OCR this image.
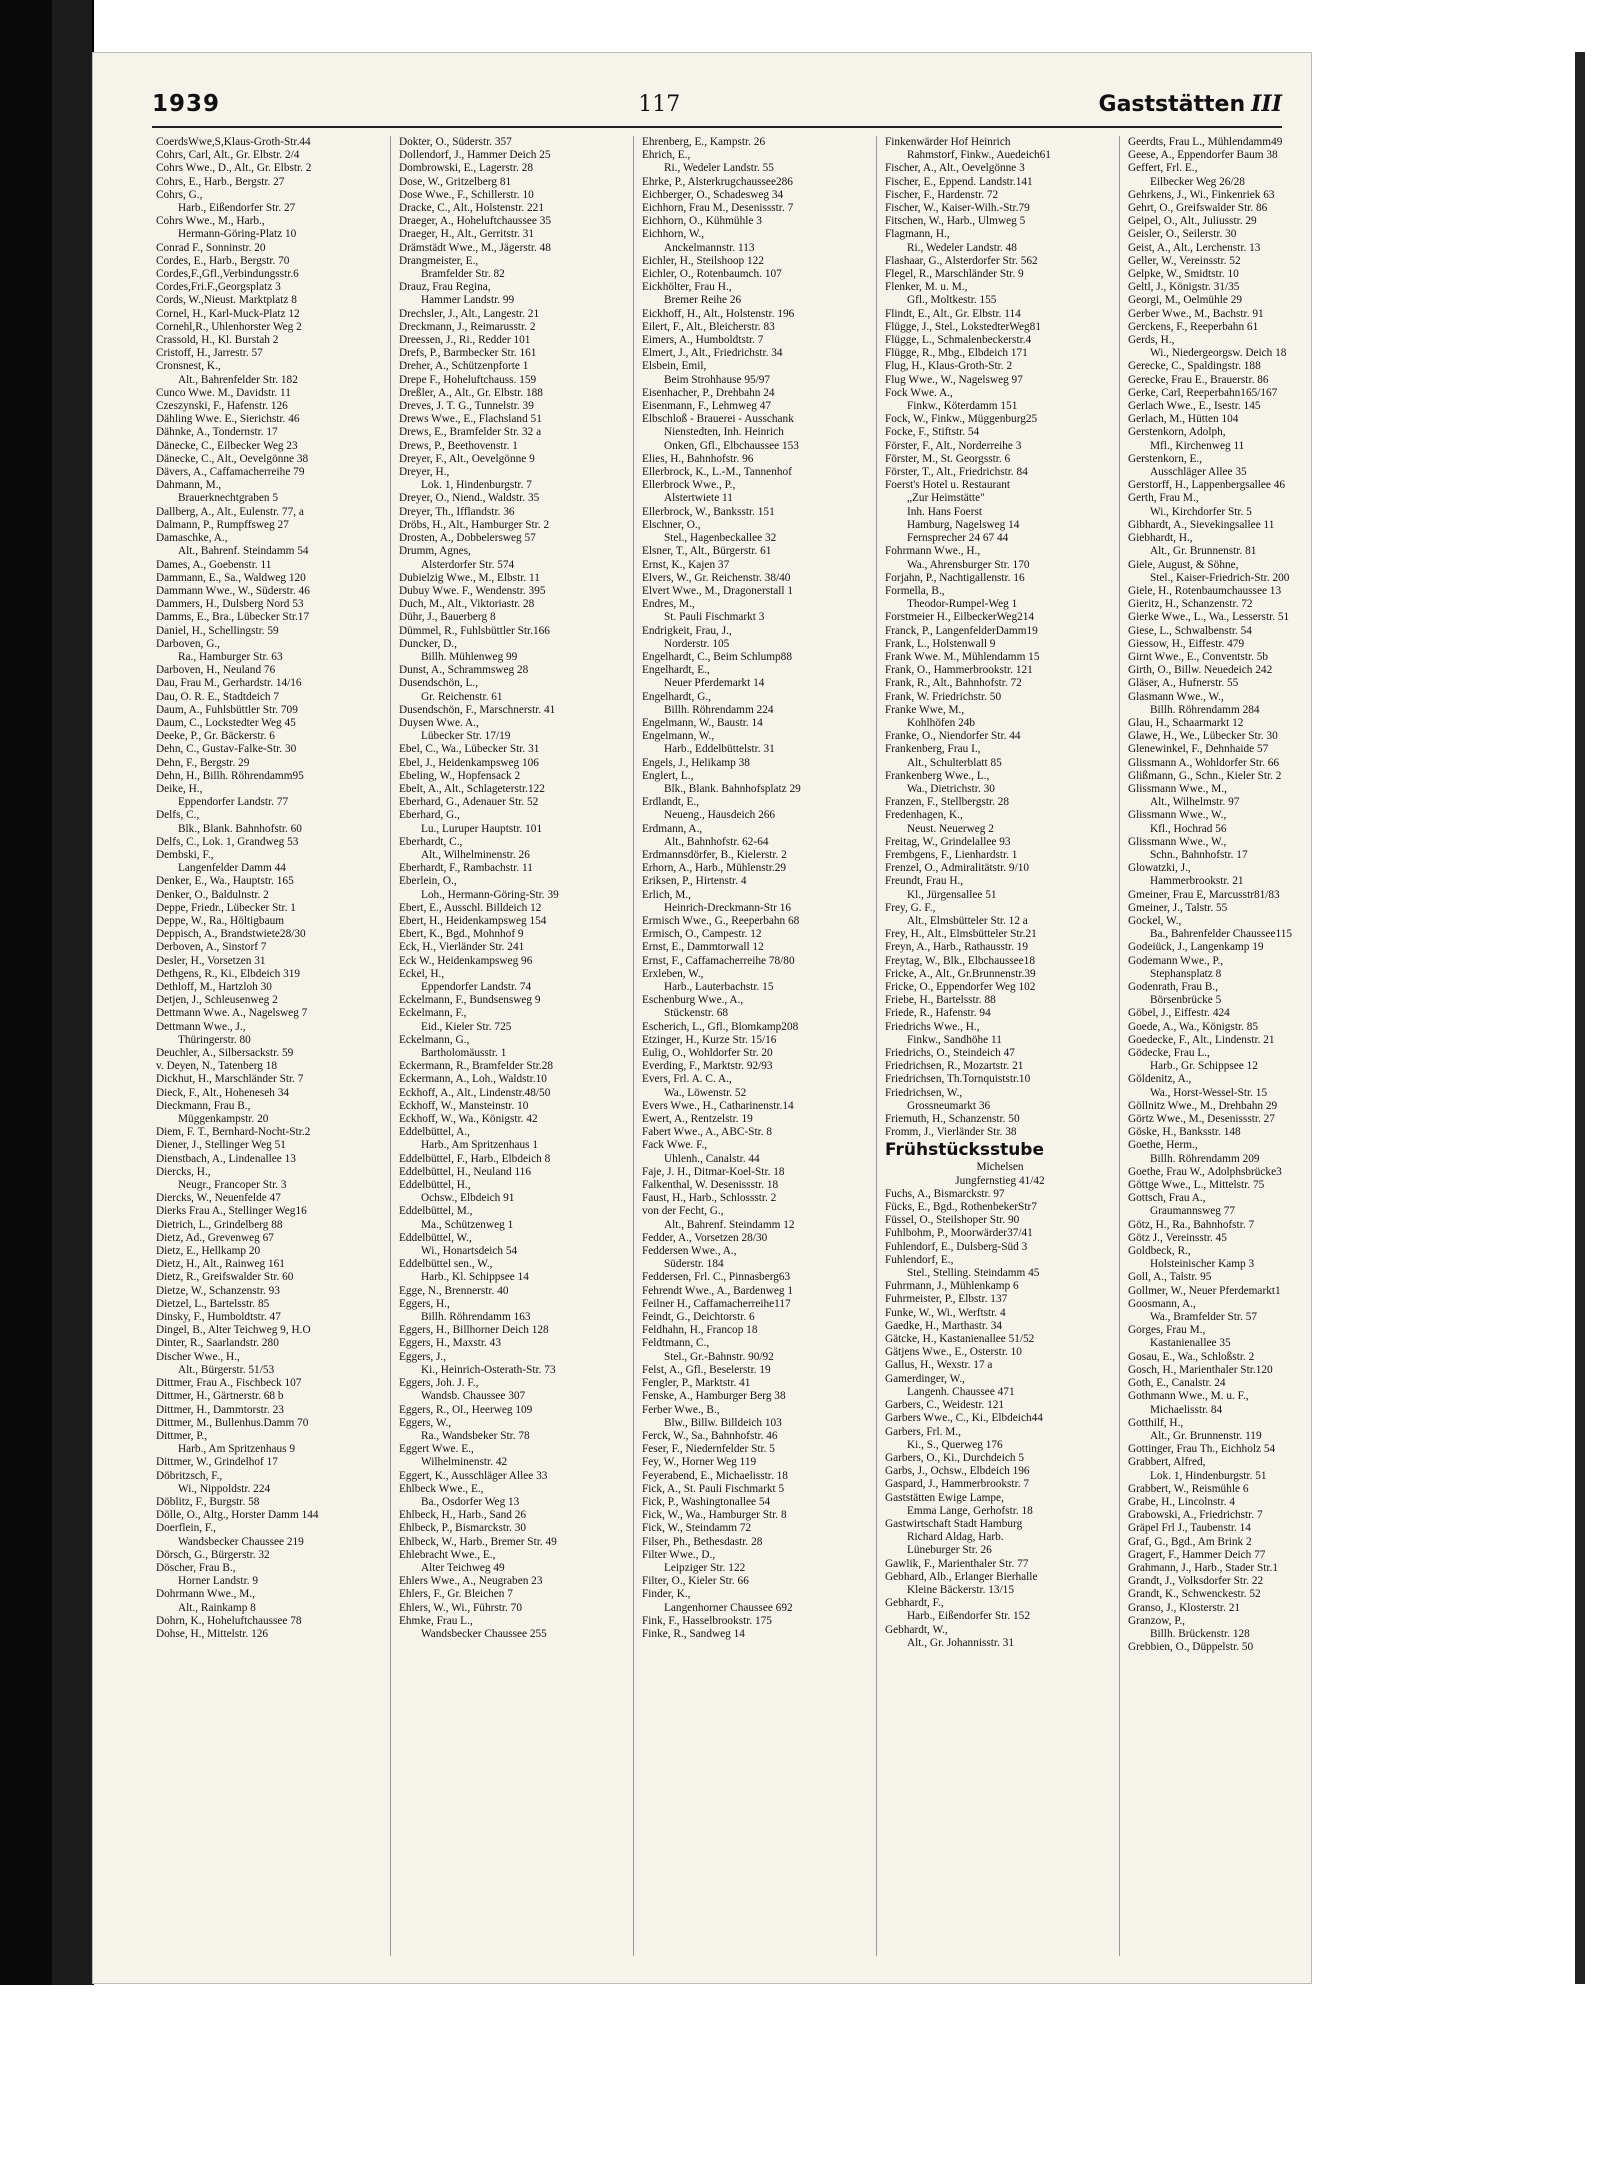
1939	117	Gaststätten III
CoerdsWwe,S,Klaus-Groth-Str.44
Cohrs, Carl, Alt., Gr. Elbstr. 2/4
Cohrs Wwe., D., Alt., Gr. Elbstr. 2
Cohrs, E., Harb., Bergstr. 27
Cohrs, G.,
Harb., Eißendorfer Str. 27
Cohrs Wwe., M., Harb.,
Hermann-Göring-Platz 10
Conrad F., Sonninstr. 20
Cordes, E., Harb., Bergstr. 70
Cordes,F.,Gfl.,Verbindungsstr.6
Cordes,Fri.F.,Georgsplatz 3
Cords, W.,Nieust. Marktplatz 8
Cornel, H., Karl-Muck-Platz 12
Cornehl,R., Uhlenhorster Weg 2
Crassold, H., Kl. Burstah 2
Cristoff, H., Jarrestr. 57
Cronsnest, K.,
Alt., Bahrenfelder Str. 182
Cunco Wwe. M., Davidstr. 11
Czeszynski, F., Hafenstr. 126
Dähling Wwe. E., Sierichstr. 46
Dähnke, A., Tondernstr. 17
Dänecke, C., Eilbecker Weg 23
Dänecke, C., Alt., Oevelgönne 38
Dävers, A., Caffamacherreihe 79
Dahmann, M.,
Brauerknechtgraben 5
Dallberg, A., Alt., Eulenstr. 77, a
Dalmann, P., Rumpffsweg 27
Damaschke, A.,
Alt., Bahrenf. Steindamm 54
Dames, A., Goebenstr. 11
Dammann, E., Sa., Waldweg 120
Dammann Wwe., W., Süderstr. 46
Dammers, H., Dulsberg Nord 53
Damms, E., Bra., Lübecker Str.17
Daniel, H., Schellingstr. 59
Darboven, G.,
Ra., Hamburger Str. 63
Darboven, H., Neuland 76
Dau, Frau M., Gerhardstr. 14/16
Dau, O. R. E., Stadtdeich 7
Daum, A., Fuhlsbüttler Str. 709
Daum, C., Lockstedter Weg 45
Deeke, P., Gr. Bäckerstr. 6
Dehn, C., Gustav-Falke-Str. 30
Dehn, F., Bergstr. 29
Dehn, H., Billh. Röhrendamm95
Deike, H.,
Eppendorfer Landstr. 77
Delfs, C.,
Blk., Blank. Bahnhofstr. 60
Delfs, C., Lok. 1, Grandweg 53
Dembski, F.,
Langenfelder Damm 44
Denker, E., Wa., Hauptstr. 165
Denker, O., Baldulnstr. 2
Deppe, Friedr., Lübecker Str. 1
Deppe, W., Ra., Höltigbaum
Deppisch, A., Brandstwiete28/30
Derboven, A., Sinstorf 7
Desler, H., Vorsetzen 31
Dethgens, R., Ki., Elbdeich 319
Dethloff, M., Hartzloh 30
Detjen, J., Schleusenweg 2
Dettmann Wwe. A., Nagelsweg 7
Dettmann Wwe., J.,
Thüringerstr. 80
Deuchler, A., Silbersackstr. 59
v. Deyen, N., Tatenberg 18
Dickhut, H., Marschländer Str. 7
Dieck, F., Alt., Hoheneseh 34
Dieckmann, Frau B.,
Müggenkampstr. 20
Diem, F. T., Bernhard-Nocht-Str.2
Diener, J., Stellinger Weg 51
Dienstbach, A., Lindenallee 13
Diercks, H.,
Neugr., Francoper Str. 3
Diercks, W., Neuenfelde 47
Dierks Frau A., Stellinger Weg16
Dietrich, L., Grindelberg 88
Dietz, Ad., Grevenweg 67
Dietz, E., Hellkamp 20
Dietz, H., Alt., Rainweg 161
Dietz, R., Greifswalder Str. 60
Dietze, W., Schanzenstr. 93
Dietzel, L., Bartelsstr. 85
Dinsky, F., Humboldtstr. 47
Dingel, B., Alter Teichweg 9, H.O
Dinter, R., Saarlandstr. 280
Discher Wwe., H.,
Alt., Bürgerstr. 51/53
Dittmer, Frau A., Fischbeck 107
Dittmer, H., Gärtnerstr. 68 b
Dittmer, H., Dammtorstr. 23
Dittmer, M., Bullenhus.Damm 70
Dittmer, P.,
Harb., Am Spritzenhaus 9
Dittmer, W., Grindelhof 17
Döbritzsch, F.,
Wi., Nippoldstr. 224
Döblitz, F., Burgstr. 58
Dölle, O., Altg., Horster Damm 144
Doerflein, F.,
Wandsbecker Chaussee 219
Dörsch, G., Bürgerstr. 32
Döscher, Frau B.,
Horner Landstr. 9
Dohrmann Wwe., M.,
Alt., Rainkamp 8
Dohrn, K., Hoheluftchaussee 78
Dohse, H., Mittelstr. 126
Dokter, O., Süderstr. 357
Dollendorf, J., Hammer Deich 25
Dombrowski, E., Lagerstr. 28
Dose, W., Gritzelberg 81
Dose Wwe., F., Schillerstr. 10
Dracke, C., Alt., Holstenstr. 221
Draeger, A., Hoheluftchaussee 35
Draeger, H., Alt., Gerritstr. 31
Drämstädt Wwe., M., Jägerstr. 48
Drangmeister, E.,
Bramfelder Str. 82
Drauz, Frau Regina,
Hammer Landstr. 99
Drechsler, J., Alt., Langestr. 21
Dreckmann, J., Reimarusstr. 2
Dreessen, J., Ri., Redder 101
Drefs, P., Barmbecker Str. 161
Dreher, A., Schützenpforte 1
Drepe F., Hoheluftchauss. 159
Dreßler, A., Alt., Gr. Elbstr. 188
Dreves, J. T. G., Tunnelstr. 39
Drews Wwe., E., Flachsland 51
Drews, E., Bramfelder Str. 32 a
Drews, P., Beethovenstr. 1
Dreyer, F., Alt., Oevelgönne 9
Dreyer, H.,
Lok. 1, Hindenburgstr. 7
Dreyer, O., Niend., Waldstr. 35
Dreyer, Th., Ifflandstr. 36
Dröbs, H., Alt., Hamburger Str. 2
Drosten, A., Dobbelersweg 57
Drumm, Agnes,
Alsterdorfer Str. 574
Dubielzig Wwe., M., Elbstr. 11
Dubuy Wwe. F., Wendenstr. 395
Duch, M., Alt., Viktoriastr. 28
Dühr, J., Bauerberg 8
Dümmel, R., Fuhlsbüttler Str.166
Duncker, D.,
Billh. Mühlenweg 99
Dunst, A., Schrammsweg 28
Dusendschön, L.,
Gr. Reichenstr. 61
Dusendschön, F., Marschnerstr. 41
Duysen Wwe. A.,
Lübecker Str. 17/19
Ebel, C., Wa., Lübecker Str. 31
Ebel, J., Heidenkampsweg 106
Ebeling, W., Hopfensack 2
Ebelt, A., Alt., Schlageterstr.122
Eberhard, G., Adenauer Str. 52
Eberhard, G.,
Lu., Luruper Hauptstr. 101
Eberhardt, C.,
Alt., Wilhelminenstr. 26
Eberhardt, F., Rambachstr. 11
Eberlein, O.,
Loh., Hermann-Göring-Str. 39
Ebert, E., Ausschl. Billdeich 12
Ebert, H., Heidenkampsweg 154
Ebert, K., Bgd., Mohnhof 9
Eck, H., Vierländer Str. 241
Eck W., Heidenkampsweg 96
Eckel, H.,
Eppendorfer Landstr. 74
Eckelmann, F., Bundsensweg 9
Eckelmann, F.,
Eid., Kieler Str. 725
Eckelmann, G.,
Bartholomäusstr. 1
Eckermann, R., Bramfelder Str.28
Eckermann, A., Loh., Waldstr.10
Eckhoff, A., Alt., Lindenstr.48/50
Eckhoff, W., Mansteinstr. 10
Eckhoff, W., Wa., Königstr. 42
Eddelbüttel, A.,
Harb., Am Spritzenhaus 1
Eddelbüttel, F., Harb., Elbdeich 8
Eddelbüttel, H., Neuland 116
Eddelbüttel, H.,
Ochsw., Elbdeich 91
Eddelbüttel, M.,
Ma., Schützenweg 1
Eddelbüttel, W.,
Wi., Honartsdeich 54
Eddelbüttel sen., W.,
Harb., Kl. Schippsee 14
Egge, N., Brennerstr. 40
Eggers, H.,
Billh. Röhrendamm 163
Eggers, H., Billhorner Deich 128
Eggers, H., Maxstr. 43
Eggers, J.,
Ki., Heinrich-Osterath-Str. 73
Eggers, Joh. J. F.,
Wandsb. Chaussee 307
Eggers, R., Ol., Heerweg 109
Eggers, W.,
Ra., Wandsbeker Str. 78
Eggert Wwe. E.,
Wilhelminenstr. 42
Eggert, K., Ausschläger Allee 33
Ehlbeck Wwe., E.,
Ba., Osdorfer Weg 13
Ehlbeck, H., Harb., Sand 26
Ehlbeck, P., Bismarckstr. 30
Ehlbeck, W., Harb., Bremer Str. 49
Ehlebracht Wwe., E.,
Alter Teichweg 49
Ehlers Wwe., A., Neugraben 23
Ehlers, F., Gr. Bleichen 7
Ehlers, W., Wi., Führstr. 70
Ehmke, Frau L.,
Wandsbecker Chaussee 255
Ehrenberg, E., Kampstr. 26
Ehrich, E.,
Ri., Wedeler Landstr. 55
Ehrke, P., Alsterkrugchaussee286
Eichberger, O., Schadesweg 34
Eichhorn, Frau M., Desenissstr. 7
Eichhorn, O., Kühmühle 3
Eichhorn, W.,
Anckelmannstr. 113
Eichler, H., Steilshoop 122
Eichler, O., Rotenbaumch. 107
Eickhölter, Frau H.,
Bremer Reihe 26
Eickhoff, H., Alt., Holstenstr. 196
Eilert, F., Alt., Bleicherstr. 83
Eimers, A., Humboldtstr. 7
Elmert, J., Alt., Friedrichstr. 34
Elsbein, Emil,
Beim Strohhause 95/97
Eisenhacher, P., Drehbahn 24
Eisenmann, F., Lehmweg 47
Elbschloß - Brauerei - Ausschank
Nienstedten, Inh. Heinrich
Onken, Gfl., Elbchaussee 153
Elies, H., Bahnhofstr. 96
Ellerbrock, K., L.-M., Tannenhof
Ellerbrock Wwe., P.,
Alstertwiete 11
Ellerbrock, W., Banksstr. 151
Elschner, O.,
Stel., Hagenbeckallee 32
Elsner, T., Alt., Bürgerstr. 61
Ernst, K., Kajen 37
Elvers, W., Gr. Reichenstr. 38/40
Elvert Wwe., M., Dragonerstall 1
Endres, M.,
St. Pauli Fischmarkt 3
Endrigkeit, Frau, J.,
Norderstr. 105
Engelhardt, C., Beim Schlump88
Engelhardt, E.,
Neuer Pferdemarkt 14
Engelhardt, G.,
Billh. Röhrendamm 224
Engelmann, W., Baustr. 14
Engelmann, W.,
Harb., Eddelbüttelstr. 31
Engels, J., Helikamp 38
Englert, L.,
Blk., Blank. Bahnhofsplatz 29
Erdlandt, E.,
Neueng., Hausdeich 266
Erdmann, A.,
Alt., Bahnhofstr. 62-64
Erdmannsdörfer, B., Kielerstr. 2
Erhorn, A., Harb., Mühlenstr.29
Eriksen, P., Hirtenstr. 4
Erlich, M.,
Heinrich-Dreckmann-Str 16
Ermisch Wwe., G., Reeperbahn 68
Ermisch, O., Campestr. 12
Ernst, E., Dammtorwall 12
Ernst, F., Caffamacherreihe 78/80
Erxleben, W.,
Harb., Lauterbachstr. 15
Eschenburg Wwe., A.,
Stückenstr. 68
Escherich, L., Gfl., Blomkamp208
Etzinger, H., Kurze Str. 15/16
Eulig, O., Wohldorfer Str. 20
Everding, F., Marktstr. 92/93
Evers, Frl. A. C. A.,
Wa., Löwenstr. 52
Evers Wwe., H., Catharinenstr.14
Ewert, A., Rentzelstr. 19
Fabert Wwe., A., ABC-Str. 8
Fack Wwe. F.,
Uhlenh., Canalstr. 44
Faje, J. H., Ditmar-Koel-Str. 18
Falkenthal, W. Desenissstr. 18
Faust, H., Harb., Schlossstr. 2
von der Fecht, G.,
Alt., Bahrenf. Steindamm 12
Fedder, A., Vorsetzen 28/30
Feddersen Wwe., A.,
Süderstr. 184
Feddersen, Frl. C., Pinnasberg63
Fehrendt Wwe., A., Bardenweg 1
Feilner H., Caffamacherreihe117
Feindt, G., Deichtorstr. 6
Feldhahn, H., Francop 18
Feldtmann, C.,
Stel., Gr.-Bahnstr. 90/92
Felst, A., Gfl., Beselerstr. 19
Fengler, P., Marktstr. 41
Fenske, A., Hamburger Berg 38
Ferber Wwe., B.,
Blw., Billw. Billdeich 103
Ferck, W., Sa., Bahnhofstr. 46
Feser, F., Niedernfelder Str. 5
Fey, W., Horner Weg 119
Feyerabend, E., Michaelisstr. 18
Fick, A., St. Pauli Fischmarkt 5
Fick, P., Washingtonallee 54
Fick, W., Wa., Hamburger Str. 8
Fick, W., Steindamm 72
Filser, Ph., Bethesdastr. 28
Filter Wwe., D.,
Leipziger Str. 122
Filter, O., Kieler Str. 66
Finder, K.,
Langenhorner Chaussee 692
Fink, F., Hasselbrookstr. 175
Finke, R., Sandweg 14
Finkenwärder Hof Heinrich
Rahmstorf, Finkw., Auedeich61
Fischer, A., Alt., Oevelgönne 3
Fischer, E., Eppend. Landstr.141
Fischer, F., Hardenstr. 72
Fischer, W., Kaiser-Wilh.-Str.79
Fitschen, W., Harb., Ulmweg 5
Flagmann, H.,
Ri., Wedeler Landstr. 48
Flashaar, G., Alsterdorfer Str. 562
Flegel, R., Marschländer Str. 9
Flenker, M. u. M.,
Gfl., Moltkestr. 155
Flindt, E., Alt., Gr. Elbstr. 114
Flügge, J., Stel., LokstedterWeg81
Flügge, L., Schmalenbeckerstr.4
Flügge, R., Mbg., Elbdeich 171
Flug, H., Klaus-Groth-Str. 2
Flug Wwe., W., Nagelsweg 97
Fock Wwe. A.,
Finkw., Köterdamm 151
Fock, W., Finkw., Müggenburg25
Focke, F., Stiftstr. 54
Förster, F., Alt., Norderreihe 3
Förster, M., St. Georgsstr. 6
Förster, T., Alt., Friedrichstr. 84
Foerst's Hotel u. Restaurant
„Zur Heimstätte"
Inh. Hans Foerst
Hamburg, Nagelsweg 14
Fernsprecher 24 67 44
Fohrmann Wwe., H.,
Wa., Ahrensburger Str. 170
Forjahn, P., Nachtigallenstr. 16
Formella, B.,
Theodor-Rumpel-Weg 1
Forstmeier H., EilbeckerWeg214
Franck, P., LangenfelderDamm19
Frank, L., Holstenwall 9
Frank Wwe. M., Mühlendamm 15
Frank, O., Hammerbrookstr. 121
Frank, R., Alt., Bahnhofstr. 72
Frank, W. Friedrichstr. 50
Franke Wwe, M.,
Kohlhöfen 24b
Franke, O., Niendorfer Str. 44
Frankenberg, Frau I.,
Alt., Schulterblatt 85
Frankenberg Wwe., L.,
Wa., Dietrichstr. 30
Franzen, F., Stellbergstr. 28
Fredenhagen, K.,
Neust. Neuerweg 2
Freitag, W., Grindelallee 93
Frembgens, F., Lienhardstr. 1
Frenzel, O., Admiralitätstr. 9/10
Freundt, Frau H.,
Kl., Jürgensallee 51
Frey, G. F.,
Alt., Elmsbütteler Str. 12 a
Frey, H., Alt., Elmsbütteler Str.21
Freyn, A., Harb., Rathausstr. 19
Freytag, W., Blk., Elbchaussee18
Fricke, A., Alt., Gr.Brunnenstr.39
Fricke, O., Eppendorfer Weg 102
Friebe, H., Bartelsstr. 88
Friede, R., Hafenstr. 94
Friedrichs Wwe., H.,
Finkw., Sandhöhe 11
Friedrichs, O., Steindeich 47
Friedrichsen, R., Mozartstr. 21
Friedrichsen, Th.Tornquiststr.10
Friedrichsen, W.,
Grossneumarkt 36
Friemuth, H., Schanzenstr. 50
Fromm, J., Vierländer Str. 38
Frühstücksstube
Michelsen
Jungfernstieg 41/42
Fuchs, A., Bismarckstr. 97
Fücks, E., Bgd., RothenbekerStr7
Füssel, O., Steilshoper Str. 90
Fuhlbohm, P., Moorwärder37/41
Fuhlendorf, E., Dulsberg-Süd 3
Fuhlendorf, E.,
Stel., Stelling. Steindamm 45
Fuhrmann, J., Mühlenkamp 6
Fuhrmeister, P., Elbstr. 137
Funke, W., Wi., Werftstr. 4
Gaedke, H., Marthastr. 34
Gätcke, H., Kastanienallee 51/52
Gätjens Wwe., E., Osterstr. 10
Gallus, H., Wexstr. 17 a
Gamerdinger, W.,
Langenh. Chaussee 471
Garbers, C., Weidestr. 121
Garbers Wwe., C., Ki., Elbdeich44
Garbers, Frl. M.,
Ki., S., Querweg 176
Garbers, O., Ki., Durchdeich 5
Garbs, J., Ochsw., Elbdeich 196
Gaspard, J., Hammerbrookstr. 7
Gaststätten Ewige Lampe,
Emma Lange, Gerhofstr. 18
Gastwirtschaft Stadt Hamburg
Richard Aldag, Harb.
Lüneburger Str. 26
Gawlik, F., Marienthaler Str. 77
Gebhard, Alb., Erlanger Bierhalle
Kleine Bäckerstr. 13/15
Gebhardt, F.,
Harb., Eißendorfer Str. 152
Gebhardt, W.,
Alt., Gr. Johannisstr. 31
Geerdts, Frau L., Mühlendamm49
Geese, A., Eppendorfer Baum 38
Geffert, Frl. E.,
Eilbecker Weg 26/28
Gehrkens, J., Wi., Finkenriek 63
Gehrt, O., Greifswalder Str. 86
Geipel, O., Alt., Juliusstr. 29
Geisler, O., Seilerstr. 30
Geist, A., Alt., Lerchenstr. 13
Geller, W., Vereinsstr. 52
Gelpke, W., Smidtstr. 10
Geltl, J., Königstr. 31/35
Georgi, M., Oelmühle 29
Gerber Wwe., M., Bachstr. 91
Gerckens, F., Reeperbahn 61
Gerds, H.,
Wi., Niedergeorgsw. Deich 18
Gerecke, C., Spaldingstr. 188
Gerecke, Frau E., Brauerstr. 86
Gerke, Carl, Reeperbahn165/167
Gerlach Wwe., E., Isestr. 145
Gerlach, M., Hütten 104
Gerstenkorn, Adolph,
Mfl., Kirchenweg 11
Gerstenkorn, E.,
Ausschläger Allee 35
Gerstorff, H., Lappenbergsallee 46
Gerth, Frau M.,
Wi., Kirchdorfer Str. 5
Gibhardt, A., Sievekingsallee 11
Giebhardt, H.,
Alt., Gr. Brunnenstr. 81
Giele, August, & Söhne,
Stel., Kaiser-Friedrich-Str. 200
Giele, H., Rotenbaumchaussee 13
Gieritz, H., Schanzenstr. 72
Gierke Wwe., L., Wa., Lesserstr. 51
Giese, L., Schwalbenstr. 54
Giessow, H., Eiffestr. 479
Girnt Wwe., E., Conventstr. 5b
Girth, O., Billw. Neuedeich 242
Gläser, A., Hufnerstr. 55
Glasmann Wwe., W.,
Billh. Röhrendamm 284
Glau, H., Schaarmarkt 12
Glawe, H., We., Lübecker Str. 30
Glenewinkel, F., Dehnhaide 57
Glissmann A., Wohldorfer Str. 66
Glißmann, G., Schn., Kieler Str. 2
Glissmann Wwe., M.,
Alt., Wilhelmstr. 97
Glissmann Wwe., W.,
Kfl., Hochrad 56
Glissmann Wwe., W.,
Schn., Bahnhofstr. 17
Glowatzki, J.,
Hammerbrookstr. 21
Gmeiner, Frau E, Marcusstr81/83
Gmeiner, J., Talstr. 55
Gockel, W.,
Ba., Bahrenfelder Chaussee115
Godeiück, J., Langenkamp 19
Godemann Wwe., P.,
Stephansplatz 8
Godenrath, Frau B.,
Börsenbrücke 5
Göbel, J., Eiffestr. 424
Goede, A., Wa., Königstr. 85
Goedecke, F., Alt., Lindenstr. 21
Gödecke, Frau L.,
Harb., Gr. Schippsee 12
Göldenitz, A.,
Wa., Horst-Wessel-Str. 15
Göllnitz Wwe., M., Drehbahn 29
Görtz Wwe., M., Desenissstr. 27
Göske, H., Banksstr. 148
Goethe, Herm.,
Billh. Röhrendamm 209
Goethe, Frau W., Adolphsbrücke3
Göttge Wwe., L., Mittelstr. 75
Gottsch, Frau A.,
Graumannsweg 77
Götz, H., Ra., Bahnhofstr. 7
Götz J., Vereinsstr. 45
Goldbeck, R.,
Holsteinischer Kamp 3
Goll, A., Talstr. 95
Gollmer, W., Neuer Pferdemarkt1
Goosmann, A.,
Wa., Bramfelder Str. 57
Gorges, Frau M.,
Kastanienallee 35
Gosau, E., Wa., Schloßstr. 2
Gosch, H., Marienthaler Str.120
Goth, E., Canalstr. 24
Gothmann Wwe., M. u. F.,
Michaelisstr. 84
Gotthilf, H.,
Alt., Gr. Brunnenstr. 119
Gottinger, Frau Th., Eichholz 54
Grabbert, Alfred,
Lok. 1, Hindenburgstr. 51
Grabbert, W., Reismühle 6
Grabe, H., Lincolnstr. 4
Grabowski, A., Friedrichstr. 7
Gräpel Frl J., Taubenstr. 14
Graf, G., Bgd., Am Brink 2
Gragert, F., Hammer Deich 77
Grahmann, J., Harb., Stader Str.1
Grandt, J., Volksdorfer Str. 22
Grandt, K., Schwenckestr. 52
Granso, J., Klosterstr. 21
Granzow, P.,
Billh. Brückenstr. 128
Grebbien, O., Düppelstr. 50
